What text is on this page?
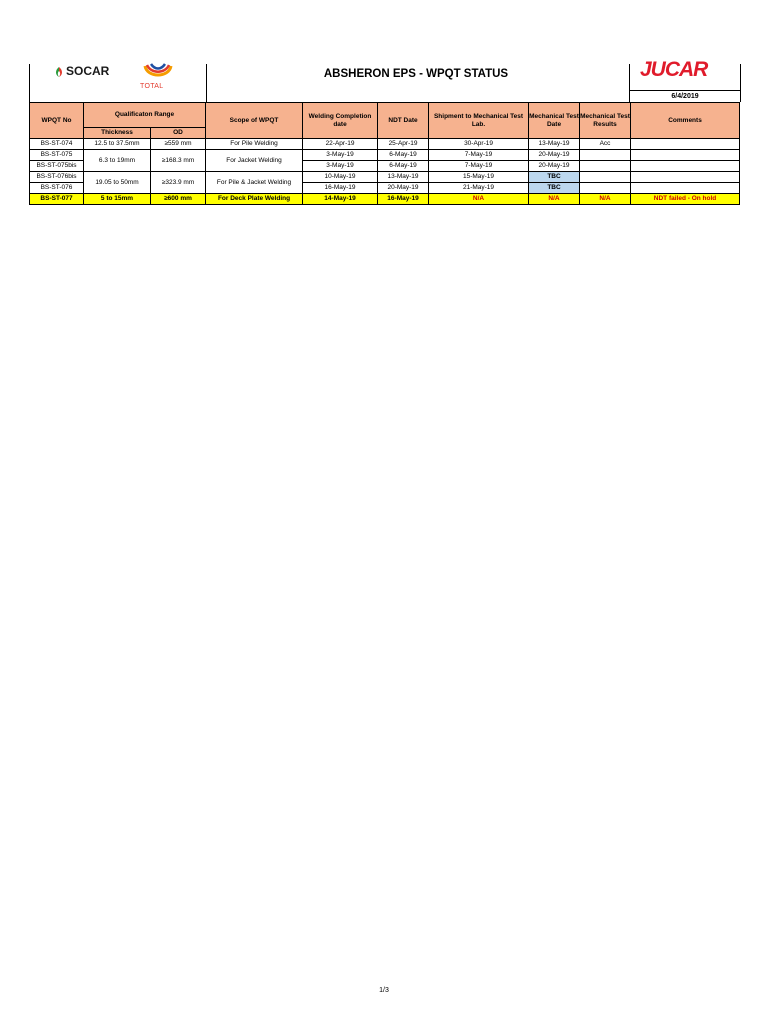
SOCAR
TOTAL
ABSHERON EPS - WPQT STATUS	JUCAR
6/4/2019
WPQT No	Qualificaton Range		Scope of WPQT	Welding Completion date	NDT Date	Shipment to Mechanical Test Lab.	Mechanical Test Date	Mechanical Test Results	Comments
	Thickness	OD							
BS-ST-074	12.5 to 37.5mm	≥559 mm	For Pile Welding	22-Apr-19	25-Apr-19	30-Apr-19	13-May-19	Acc	
BS-ST-075	6.3 to 19mm	≥168.3 mm	For Jacket Welding	3-May-19	6-May-19	7-May-19	20-May-19		
BS-ST-075bis				3-May-19	6-May-19	7-May-19	20-May-19		
BS-ST-076bis	19.05 to 50mm	≥323.9 mm	For Pile & Jacket Welding	10-May-19	13-May-19	15-May-19	TBC		
BS-ST-076				16-May-19	20-May-19	21-May-19	TBC		
BS-ST-077	5 to 15mm	≥600 mm	For Deck Plate Welding	14-May-19	16-May-19	N/A	N/A	N/A	NDT failed - On hold
1/3
